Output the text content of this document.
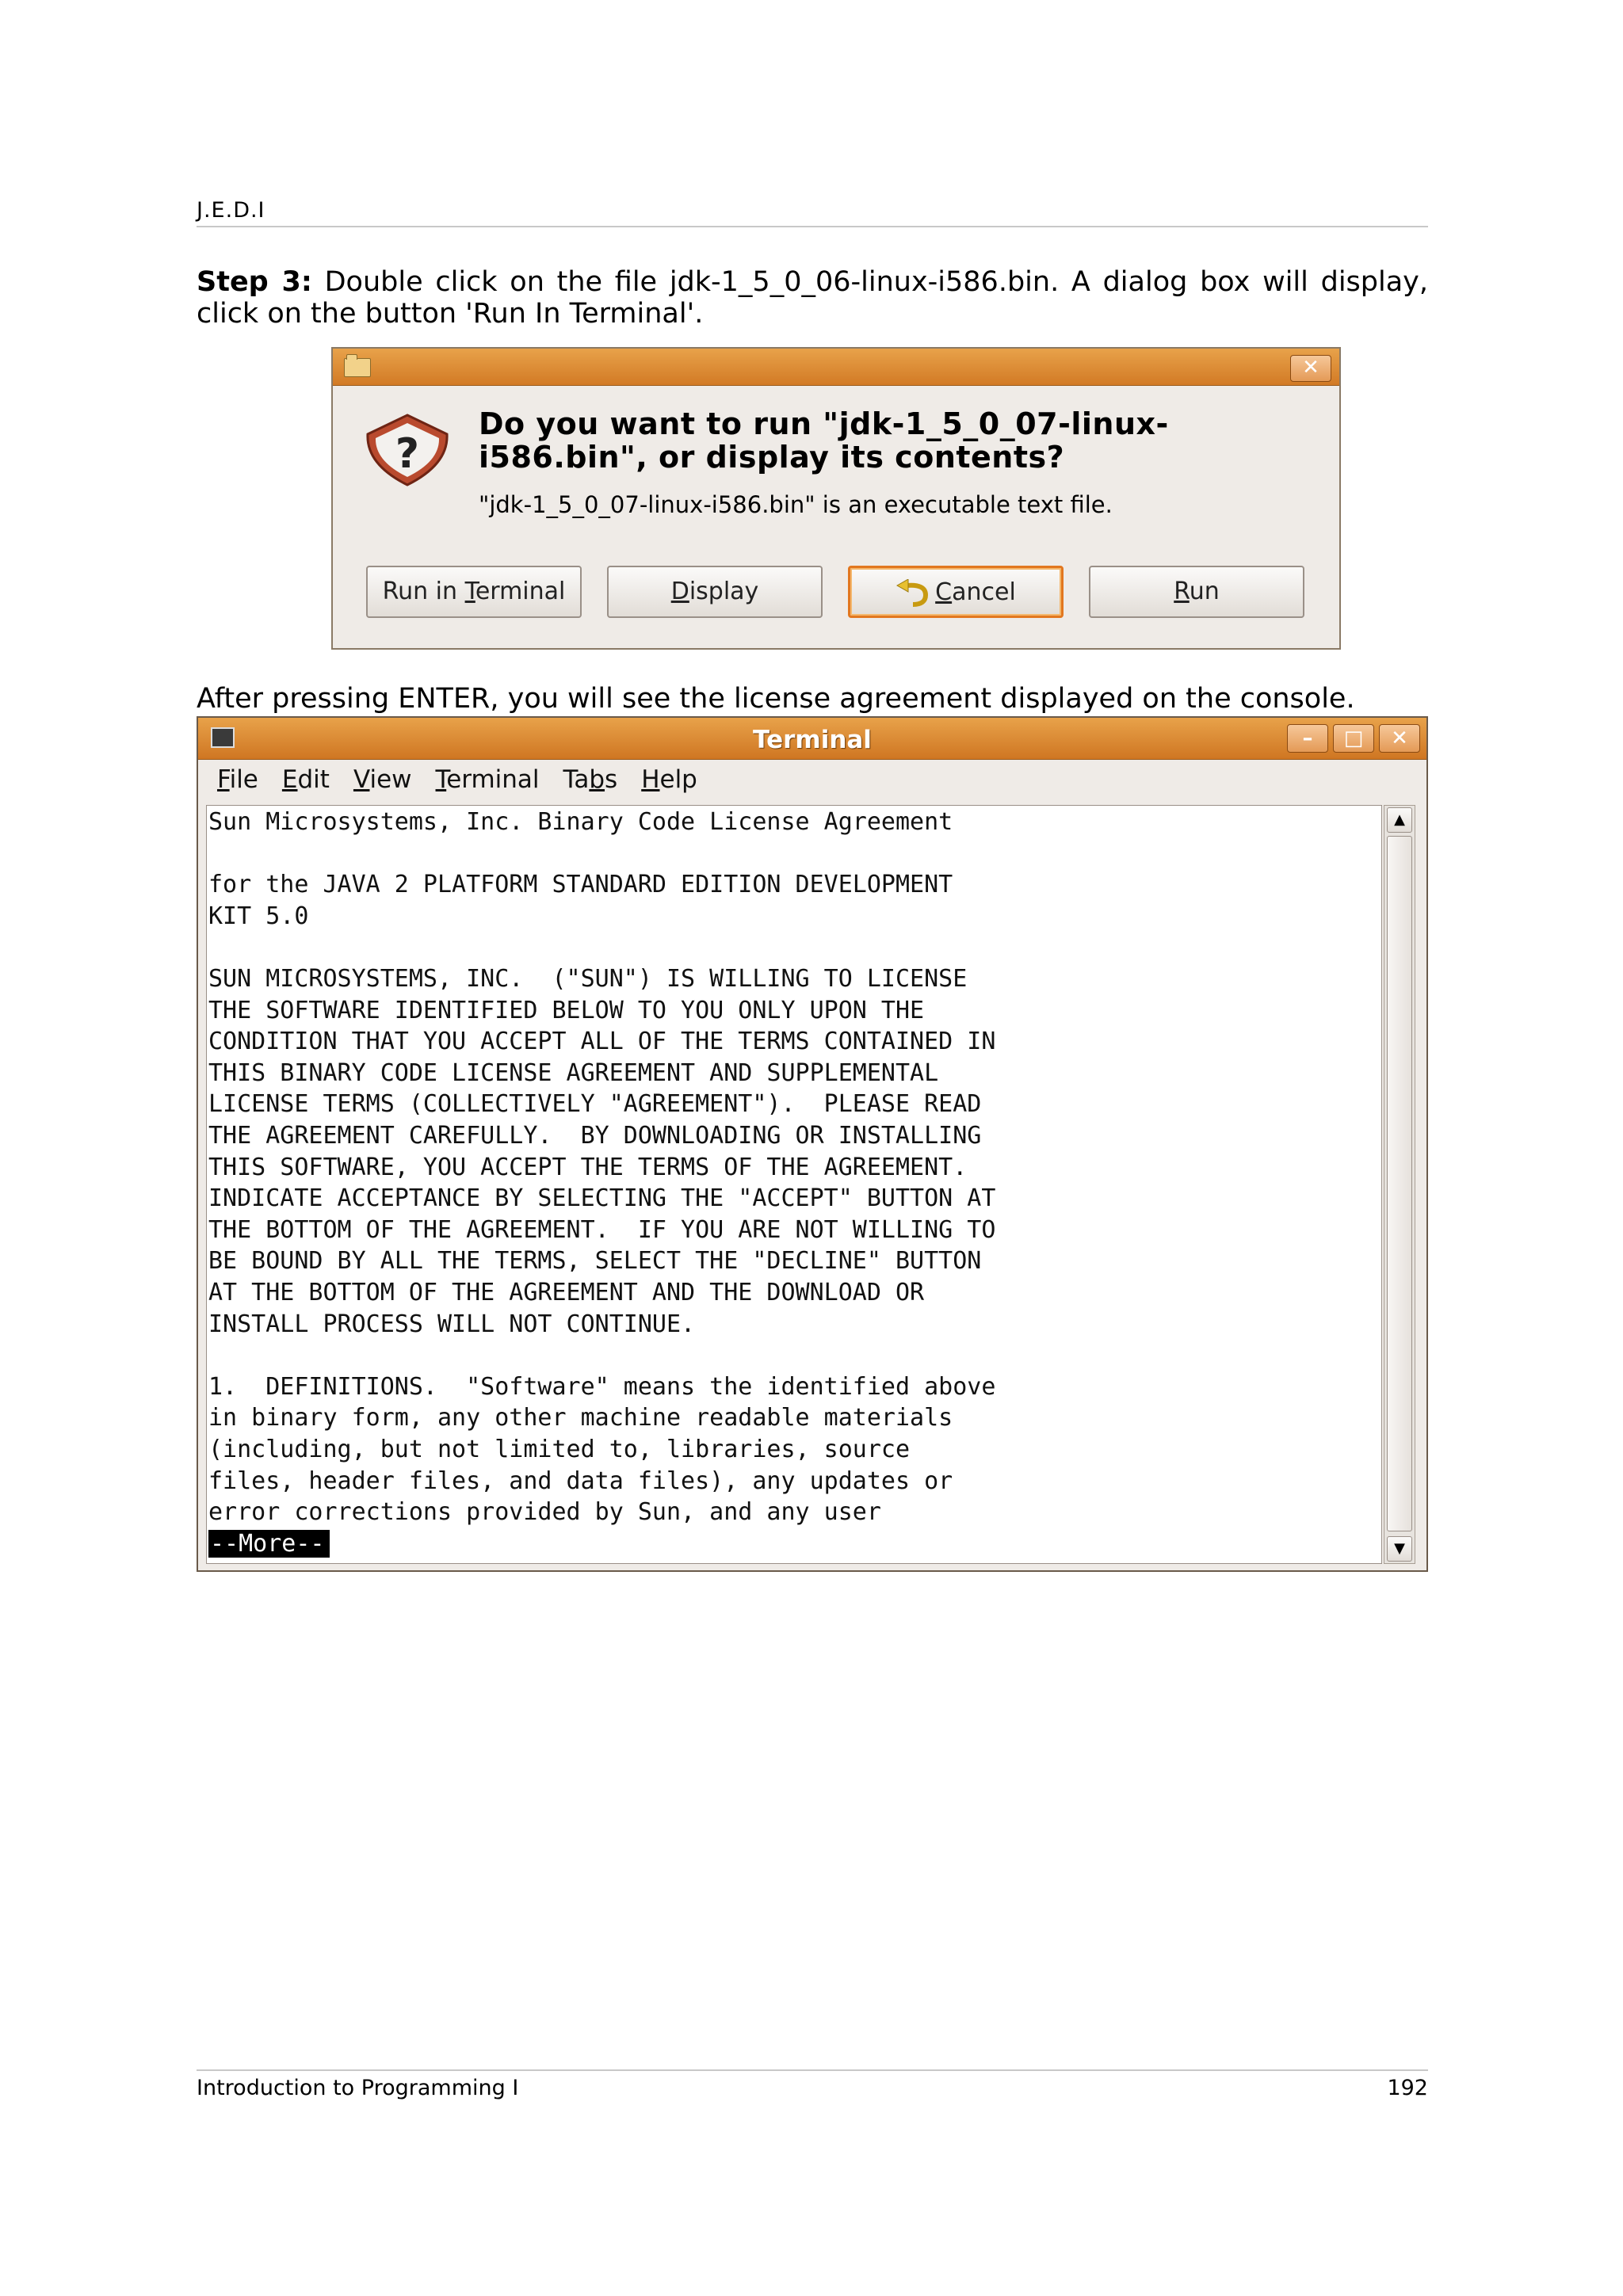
J.E.D.I
Step 3: Double click on the file jdk-1_5_0_06-linux-i586.bin. A dialog box will display, click on the button 'Run In Terminal'.
✕
?
Do you want to run "jdk-1_5_0_07-linux-
i586.bin", or display its contents?
"jdk-1_5_0_07-linux-i586.bin" is an executable text file.
Run in Terminal	Display	Cancel	Run
After pressing ENTER, you will see the license agreement displayed on the console.
Terminal	–	□	✕
File Edit View Terminal Tabs Help
Sun Microsystems, Inc. Binary Code License Agreement
for the JAVA 2 PLATFORM STANDARD EDITION DEVELOPMENT
KIT 5.0
SUN MICROSYSTEMS, INC.  ("SUN") IS WILLING TO LICENSE
THE SOFTWARE IDENTIFIED BELOW TO YOU ONLY UPON THE
CONDITION THAT YOU ACCEPT ALL OF THE TERMS CONTAINED IN
THIS BINARY CODE LICENSE AGREEMENT AND SUPPLEMENTAL
LICENSE TERMS (COLLECTIVELY "AGREEMENT").  PLEASE READ
THE AGREEMENT CAREFULLY.  BY DOWNLOADING OR INSTALLING
THIS SOFTWARE, YOU ACCEPT THE TERMS OF THE AGREEMENT.
INDICATE ACCEPTANCE BY SELECTING THE "ACCEPT" BUTTON AT
THE BOTTOM OF THE AGREEMENT.  IF YOU ARE NOT WILLING TO
BE BOUND BY ALL THE TERMS, SELECT THE "DECLINE" BUTTON
AT THE BOTTOM OF THE AGREEMENT AND THE DOWNLOAD OR
INSTALL PROCESS WILL NOT CONTINUE.
1.  DEFINITIONS.  "Software" means the identified above
in binary form, any other machine readable materials
(including, but not limited to, libraries, source
files, header files, and data files), any updates or
error corrections provided by Sun, and any user
--More--
▲
▼
Introduction to Programming I	192
